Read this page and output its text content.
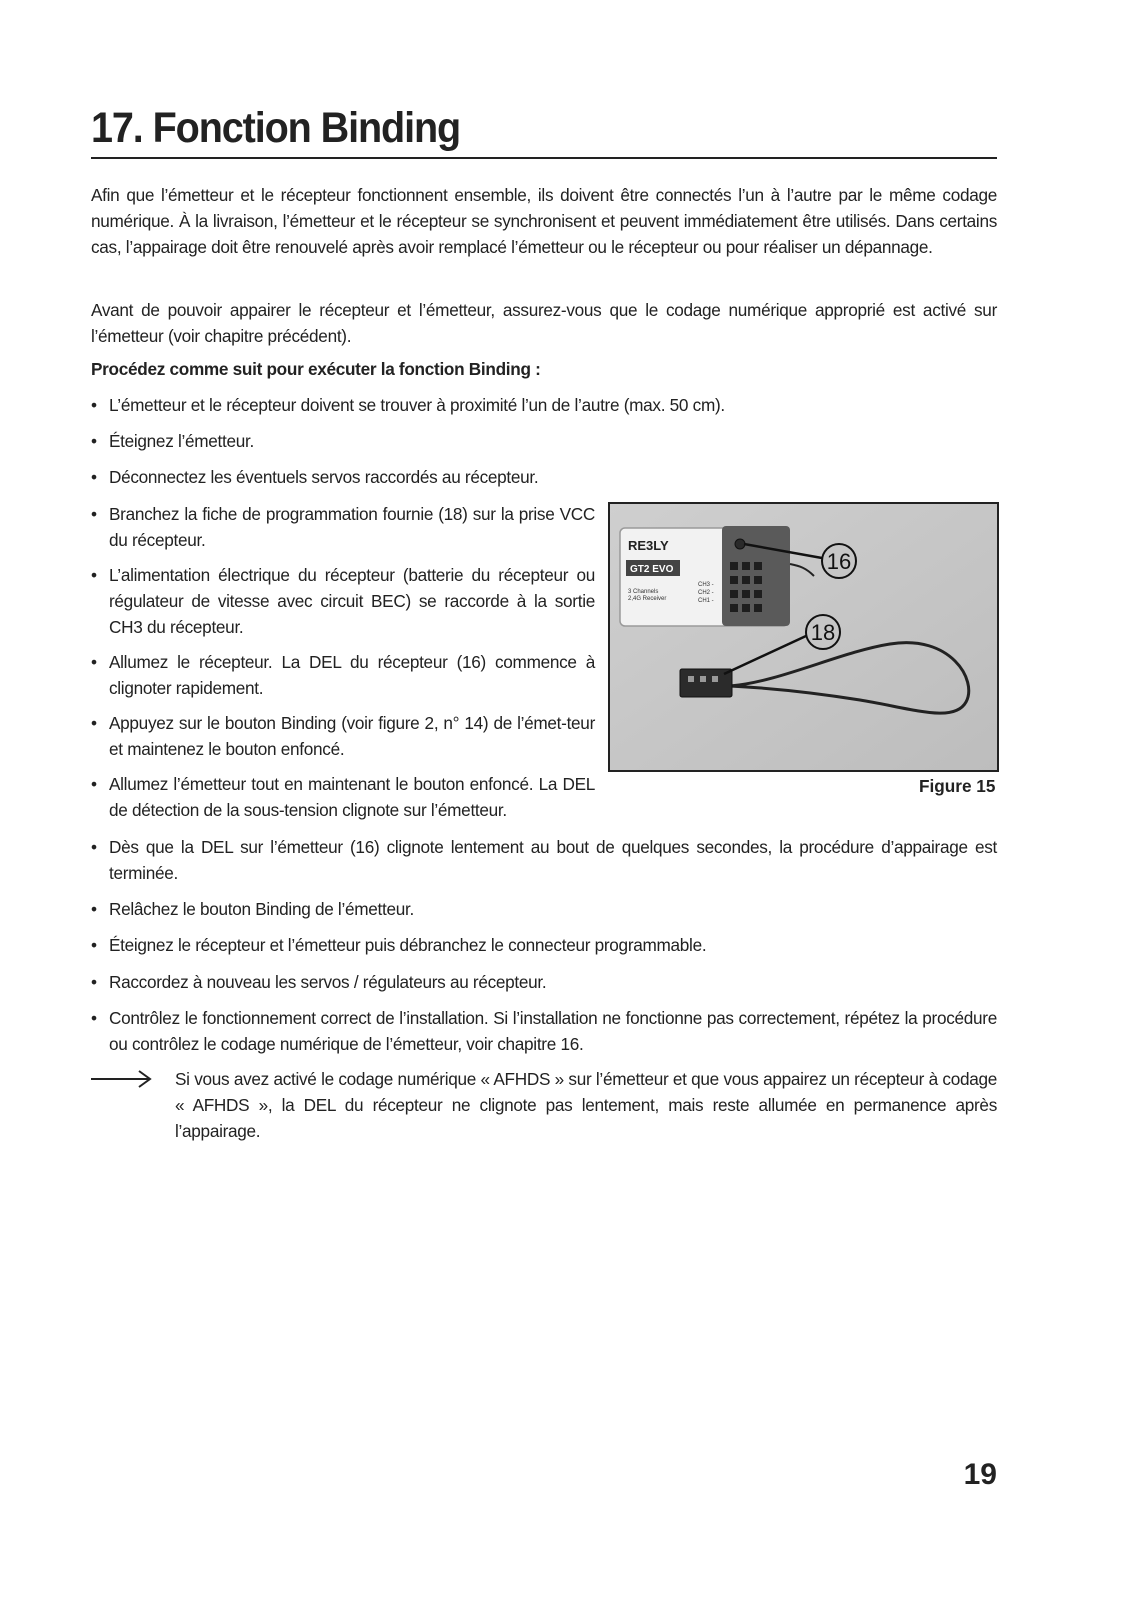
17. Fonction Binding

Afin que l’émetteur et le récepteur fonctionnent ensemble, ils doivent être connectés l’un à l’autre par le même codage numérique. À la livraison, l’émetteur et le récepteur se synchronisent et peuvent immédiatement être utilisés. Dans certains cas, l’appairage doit être renouvelé après avoir remplacé l’émetteur ou le récepteur ou pour réaliser un dépannage.

Avant de pouvoir appairer le récepteur et l’émetteur, assurez-vous que le codage numérique approprié est activé sur l’émetteur (voir chapitre précédent).

Procédez comme suit pour exécuter la fonction Binding :

• L’émetteur et le récepteur doivent se trouver à proximité l’un de l’autre (max. 50 cm).
• Éteignez l’émetteur.
• Déconnectez les éventuels servos raccordés au récepteur.
• Branchez la fiche de programmation fournie (18) sur la prise VCC du récepteur.
• L’alimentation électrique du récepteur (batterie du récepteur ou régulateur de vitesse avec circuit BEC) se raccorde à la sortie CH3 du récepteur.
• Allumez le récepteur. La DEL du récepteur (16) commence à clignoter rapidement.
• Appuyez sur le bouton Binding (voir figure 2, n° 14) de l’émet-teur et maintenez le bouton enfoncé.
• Allumez l’émetteur tout en maintenant le bouton enfoncé. La DEL de détection de la sous-tension clignote sur l’émetteur.
• Dès que la DEL sur l’émetteur (16) clignote lentement au bout de quelques secondes, la procédure d’appairage est terminée.
• Relâchez le bouton Binding de l’émetteur.
• Éteignez le récepteur et l’émetteur puis débranchez le connecteur programmable.
• Raccordez à nouveau les servos / régulateurs au récepteur.
• Contrôlez le fonctionnement correct de l’installation. Si l’installation ne fonctionne pas correctement, répétez la procédure ou contrôlez le codage numérique de l’émetteur, voir chapitre 16.

Si vous avez activé le codage numérique « AFHDS » sur l’émetteur et que vous appairez un récepteur à codage « AFHDS », la DEL du récepteur ne clignote pas lentement, mais reste allumée en permanence après l’appairage.

RE3LY
GT2 EVO
3 Channels
2,4G Receiver
CH3 -
CH2 -
CH1 -
16
18

Figure 15

19
